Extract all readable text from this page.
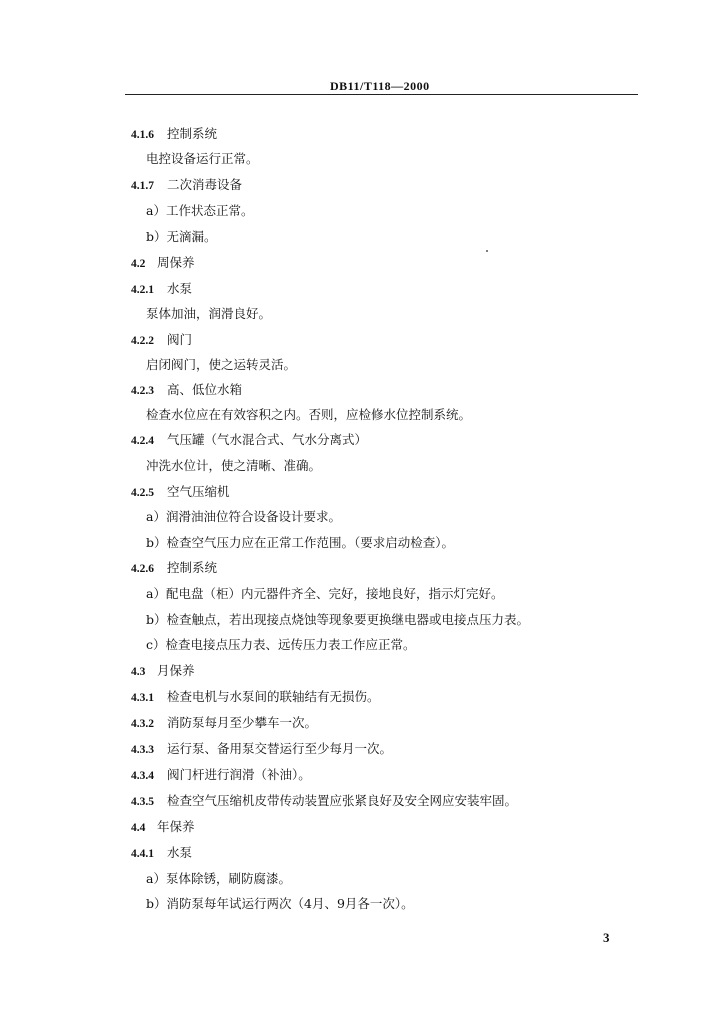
DB11/T118—2000
4.1.6 控制系统
电控设备运行正常。
4.1.7 二次消毒设备
a）工作状态正常。
b）无滴漏。
4.2 周保养
4.2.1 水泵
泵体加油，润滑良好。
4.2.2 阀门
启闭阀门，使之运转灵活。
4.2.3 高、低位水箱
检查水位应在有效容积之内。否则，应检修水位控制系统。
4.2.4 气压罐（气水混合式、气水分离式）
冲洗水位计，使之清晰、准确。
4.2.5 空气压缩机
a）润滑油油位符合设备设计要求。
b）检查空气压力应在正常工作范围。（要求启动检查）。
4.2.6 控制系统
a）配电盘（柜）内元器件齐全、完好，接地良好，指示灯完好。
b）检查触点，若出现接点烧蚀等现象要更换继电器或电接点压力表。
c）检查电接点压力表、远传压力表工作应正常。
4.3 月保养
4.3.1 检查电机与水泵间的联轴结有无损伤。
4.3.2 消防泵每月至少攀车一次。
4.3.3 运行泵、备用泵交替运行至少每月一次。
4.3.4 阀门杆进行润滑（补油）。
4.3.5 检查空气压缩机皮带传动装置应张紧良好及安全网应安装牢固。
4.4 年保养
4.4.1 水泵
a）泵体除锈，刷防腐漆。
b）消防泵每年试运行两次（4月、9月各一次）。
3
